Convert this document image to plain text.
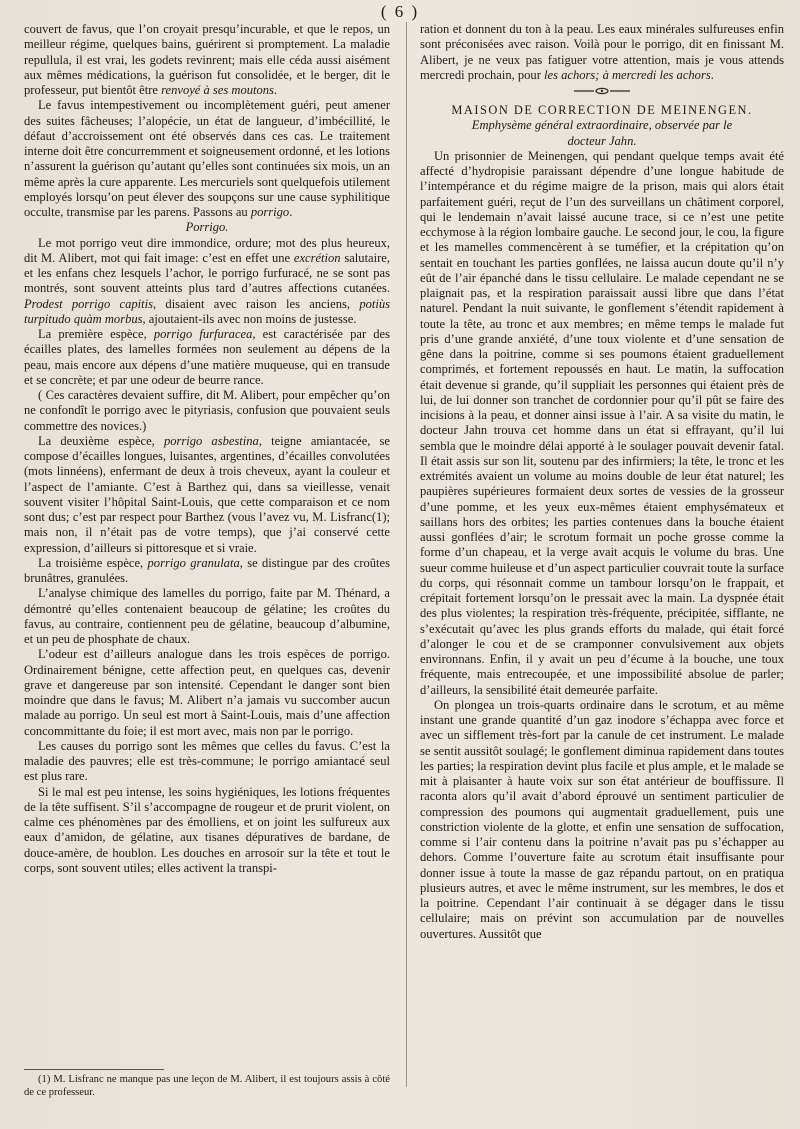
( 6 )

couvert de favus, que l’on croyait presqu’incurable, et que le repos, un meilleur régime, quelques bains, guérirent si promptement. La maladie repullula, il est vrai, les godets revinrent; mais elle céda aussi aisément aux mêmes médications, la guérison fut consolidée, et le berger, dit le professeur, put bientôt être renvoyé à ses moutons.

Le favus intempestivement ou incomplètement guéri, peut amener des suites fâcheuses; l’alopécie, un état de langueur, d’imbécillité, le défaut d’accroissement ont été observés dans ces cas. Le traitement interne doit être concurremment et soigneusement ordonné, et les lotions n’assurent la guérison qu’autant qu’elles sont continuées six mois, un an même après la cure apparente. Les mercuriels sont quelquefois utilement employés lorsqu’on peut élever des soupçons sur une cause syphilitique occulte, transmise par les parens. Passons au porrigo.

Porrigo.

Le mot porrigo veut dire immondice, ordure; mot des plus heureux, dit M. Alibert, mot qui fait image: c’est en effet une excrétion salutaire, et les enfans chez lesquels l’achor, le porrigo furfuracé, ne se sont pas montrés, sont souvent atteints plus tard d’autres affections cutanées. Prodest porrigo capitis, disaient avec raison les anciens, potiùs turpitudo quàm morbus, ajoutaient-ils avec non moins de justesse.

La première espèce, porrigo furfuracea, est caractérisée par des écailles plates, des lamelles formées non seulement au dépens de la peau, mais encore aux dépens d’une matière muqueuse, qui en transude et se concrète; et par une odeur de beurre rance.

( Ces caractères devaient suffire, dit M. Alibert, pour empêcher qu’on ne confondît le porrigo avec le pityriasis, confusion que pouvaient seuls commettre des novices.)

La deuxième espèce, porrigo asbestina, teigne amiantacée, se compose d’écailles longues, luisantes, argentines, d’écailles convolutées (mots linnéens), enfermant de deux à trois cheveux, ayant la couleur et l’aspect de l’amiante. C’est à Barthez qui, dans sa vieillesse, venait souvent visiter l’hôpital Saint-Louis, que cette comparaison et ce nom sont dus; c’est par respect pour Barthez (vous l’avez vu, M. Lisfranc(1); mais non, il n’était pas de votre temps), que j’ai conservé cette expression, d’ailleurs si pittoresque et si vraie.

La troisième espèce, porrigo granulata, se distingue par des croûtes brunâtres, granulées.

L’analyse chimique des lamelles du porrigo, faite par M. Thénard, a démontré qu’elles contenaient beaucoup de gélatine; les croûtes du favus, au contraire, contiennent peu de gélatine, beaucoup d’albumine, et un peu de phosphate de chaux.

L’odeur est d’ailleurs analogue dans les trois espèces de porrigo. Ordinairement bénigne, cette affection peut, en quelques cas, devenir grave et dangereuse par son intensité. Cependant le danger sont bien moindre que dans le favus; M. Alibert n’a jamais vu succomber aucun malade au porrigo. Un seul est mort à Saint-Louis, mais d’une affection concommittante du foie; il est mort avec, mais non par le porrigo.

Les causes du porrigo sont les mêmes que celles du favus. C’est la maladie des pauvres; elle est très-commune; le porrigo amiantacé seul est plus rare.

Si le mal est peu intense, les soins hygiéniques, les lotions fréquentes de la tête suffisent. S’il s’accompagne de rougeur et de prurit violent, on calme ces phénomènes par des émolliens, et on joint les sulfureux aux eaux d’amidon, de gélatine, aux tisanes dépuratives de bardane, de douce-amère, de houblon. Les douches en arrosoir sur la tête et tout le corps, sont souvent utiles; elles activent la transpi-

ration et donnent du ton à la peau. Les eaux minérales sulfureuses enfin sont préconisées avec raison. Voilà pour le porrigo, dit en finissant M. Alibert, je ne veux pas fatiguer votre attention, mais je vous attends mercredi prochain, pour les achors; à mercredi les achors.

MAISON DE CORRECTION DE MEINENGEN.

Emphysème général extraordinaire, observée par le
docteur Jahn.

Un prisonnier de Meinengen, qui pendant quelque temps avait été affecté d’hydropisie paraissant dépendre d’une longue habitude de l’intempérance et du régime maigre de la prison, mais qui alors était parfaitement guéri, reçut de l’un des surveillans un châtiment corporel, qui le lendemain n’avait laissé aucune trace, si ce n’est une petite ecchymose à la région lombaire gauche. Le second jour, le cou, la figure et les mamelles commencèrent à se tuméfier, et la crépitation qu’on sentait en touchant les parties gonflées, ne laissa aucun doute qu’il n’y eût de l’air épanché dans le tissu cellulaire. Le malade cependant ne se plaignait pas, et la respiration paraissait aussi libre que dans l’état naturel. Pendant la nuit suivante, le gonflement s’étendit rapidement à toute la tête, au tronc et aux membres; en même temps le malade fut pris d’une grande anxiété, d’une toux violente et d’une sensation de gêne dans la poitrine, comme si ses poumons étaient graduellement comprimés, et fortement repoussés en haut. Le matin, la suffocation était devenue si grande, qu’il suppliait les personnes qui étaient près de lui, de lui donner son tranchet de cordonnier pour qu’il pût se faire des incisions à la peau, et donner ainsi issue à l’air. A sa visite du matin, le docteur Jahn trouva cet homme dans un état si effrayant, qu’il lui sembla que le moindre délai apporté à le soulager pouvait devenir fatal. Il était assis sur son lit, soutenu par des infirmiers; la tête, le tronc et les extrémités avaient un volume au moins double de leur état naturel; les paupières supérieures formaient deux sortes de vessies de la grosseur d’une pomme, et les yeux eux-mêmes étaient emphysémateux et saillans hors des orbites; les parties contenues dans la bouche étaient aussi gonflées d’air; le scrotum formait un poche grosse comme la forme d’un chapeau, et la verge avait acquis le volume du bras. Une sueur comme huileuse et d’un aspect particulier couvrait toute la surface du corps, qui résonnait comme un tambour lorsqu’on le frappait, et crépitait fortement lorsqu’on le pressait avec la main. La dyspnée était des plus violentes; la respiration très-fréquente, précipitée, sifflante, ne s’exécutait qu’avec les plus grands efforts du malade, qui était forcé d’alonger le cou et de se cramponner convulsivement aux objets environnans. Enfin, il y avait un peu d’écume à la bouche, une toux fréquente, mais entrecoupée, et une impossibilité absolue de parler; d’ailleurs, la sensibilité était demeurée parfaite.

On plongea un trois-quarts ordinaire dans le scrotum, et au même instant une grande quantité d’un gaz inodore s’échappa avec force et avec un sifflement très-fort par la canule de cet instrument. Le malade se sentit aussitôt soulagé; le gonflement diminua rapidement dans toutes les parties; la respiration devint plus facile et plus ample, et le malade se mit à plaisanter à haute voix sur son état antérieur de bouffissure. Il raconta alors qu’il avait d’abord éprouvé un sentiment particulier de compression des poumons qui augmentait graduellement, puis une constriction violente de la glotte, et enfin une sensation de suffocation, comme si l’air contenu dans la poitrine n’avait pas pu s’échapper au dehors. Comme l’ouverture faite au scrotum était insuffisante pour donner issue à toute la masse de gaz répandu partout, on en pratiqua plusieurs autres, et avec le même instrument, sur les membres, le dos et la poitrine. Cependant l’air continuait à se dégager dans le tissu cellulaire; mais on prévint son accumulation par de nouvelles ouvertures. Aussitôt que

(1) M. Lisfranc ne manque pas une leçon de M. Alibert, il est toujours assis à côté de ce professeur.
